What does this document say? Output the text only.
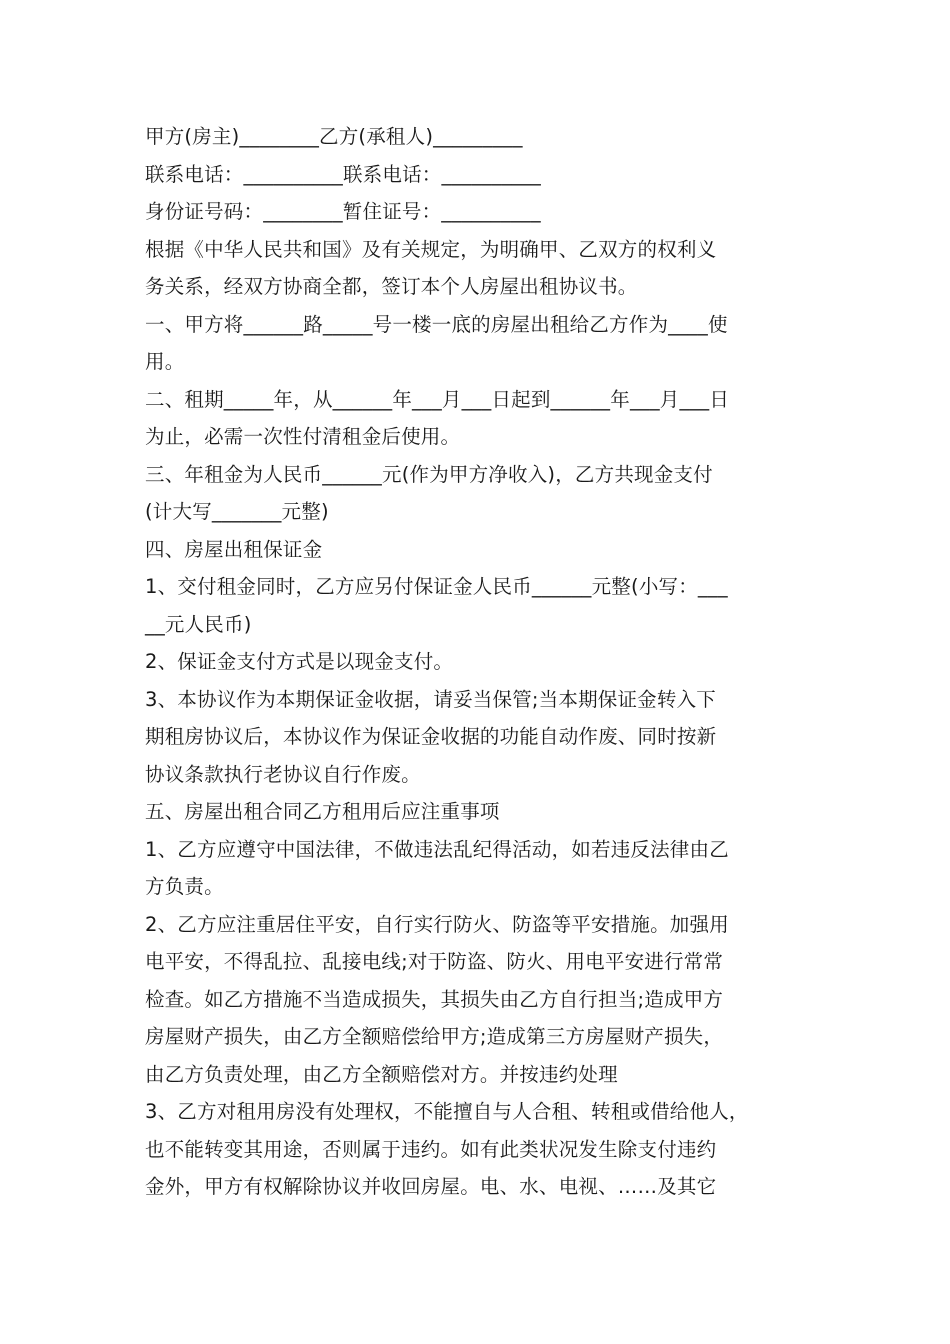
甲方(房主)________乙方(承租人)_________
联系电话：__________联系电话：__________
身份证号码：________暂住证号：__________
根据《中华人民共和国》及有关规定，为明确甲、乙双方的权利义
务关系，经双方协商全都，签订本个人房屋出租协议书。
一、甲方将______路_____号一楼一底的房屋出租给乙方作为____使
用。
二、租期_____年，从______年___月___日起到______年___月___日
为止，必需一次性付清租金后使用。
三、年租金为人民币______元(作为甲方净收入)，乙方共现金支付
(计大写_______元整)
四、房屋出租保证金
1、交付租金同时，乙方应另付保证金人民币______元整(小写：___
__元人民币)
2、保证金支付方式是以现金支付。
3、本协议作为本期保证金收据，请妥当保管;当本期保证金转入下
期租房协议后，本协议作为保证金收据的功能自动作废、同时按新
协议条款执行老协议自行作废。
五、房屋出租合同乙方租用后应注重事项
1、乙方应遵守中国法律，不做违法乱纪得活动，如若违反法律由乙
方负责。
2、乙方应注重居住平安，自行实行防火、防盗等平安措施。加强用
电平安，不得乱拉、乱接电线;对于防盗、防火、用电平安进行常常
检查。如乙方措施不当造成损失，其损失由乙方自行担当;造成甲方
房屋财产损失，由乙方全额赔偿给甲方;造成第三方房屋财产损失，
由乙方负责处理，由乙方全额赔偿对方。并按违约处理
3、乙方对租用房没有处理权，不能擅自与人合租、转租或借给他人，
也不能转变其用途，否则属于违约。如有此类状况发生除支付违约
金外，甲方有权解除协议并收回房屋。电、水、电视、……及其它
